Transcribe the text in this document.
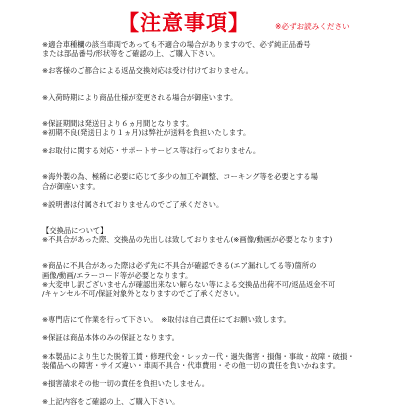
【注意事項】	※必ずお読みください
※適合車種欄の該当車両であっても不適合の場合がありますので、必ず純正品番号
または部品番号/形状等をご確認の上、ご購入下さい。
※お客様のご都合による返品交換対応は受け付けておりません。
※入荷時期により商品仕様が変更される場合が御座います。
※保証期間は発送日より６ヵ月間となります。
※初期不良(発送日より１ヵ月)は弊社が送料を負担いたします。
※お取付に関する対応・サポートサービス等は行っておりません。
※海外製の為、極稀に必要に応じて多少の加工や調整、コーキング等を必要とする場
合が御座います。
※説明書は付属されておりませんのでご了承ください。
【交換品について】
※不具合があった際、交換品の先出しは致しておりません(※画像/動画が必要となります)
※商品に不具合があった際は必ず先に不具合が確認できる(エア漏れしてる等)箇所の
画像/動画/エラーコード等が必要となります。
※大変申し訳ございませんが確認出来ない解らない等による交換品出荷不可/返品返金不可
/キャンセル不可/保証対象外となりますのでご了承ください。
※専門店にて作業を行って下さい。　※取付は自己責任にてお願い致します。
※保証は商品本体のみの保証となります。
※本製品により生じた脱着工賃・修理代金・レッカー代・過失傷害・損傷・事故・故障・破損・
装備品への障害・サイズ違い・車両不具合・代車費用・その他一切の責任を負いかねます。
※損害請求その他一切の責任を負担いたしません。
※上記内容をご確認の上、ご購入下さい。
